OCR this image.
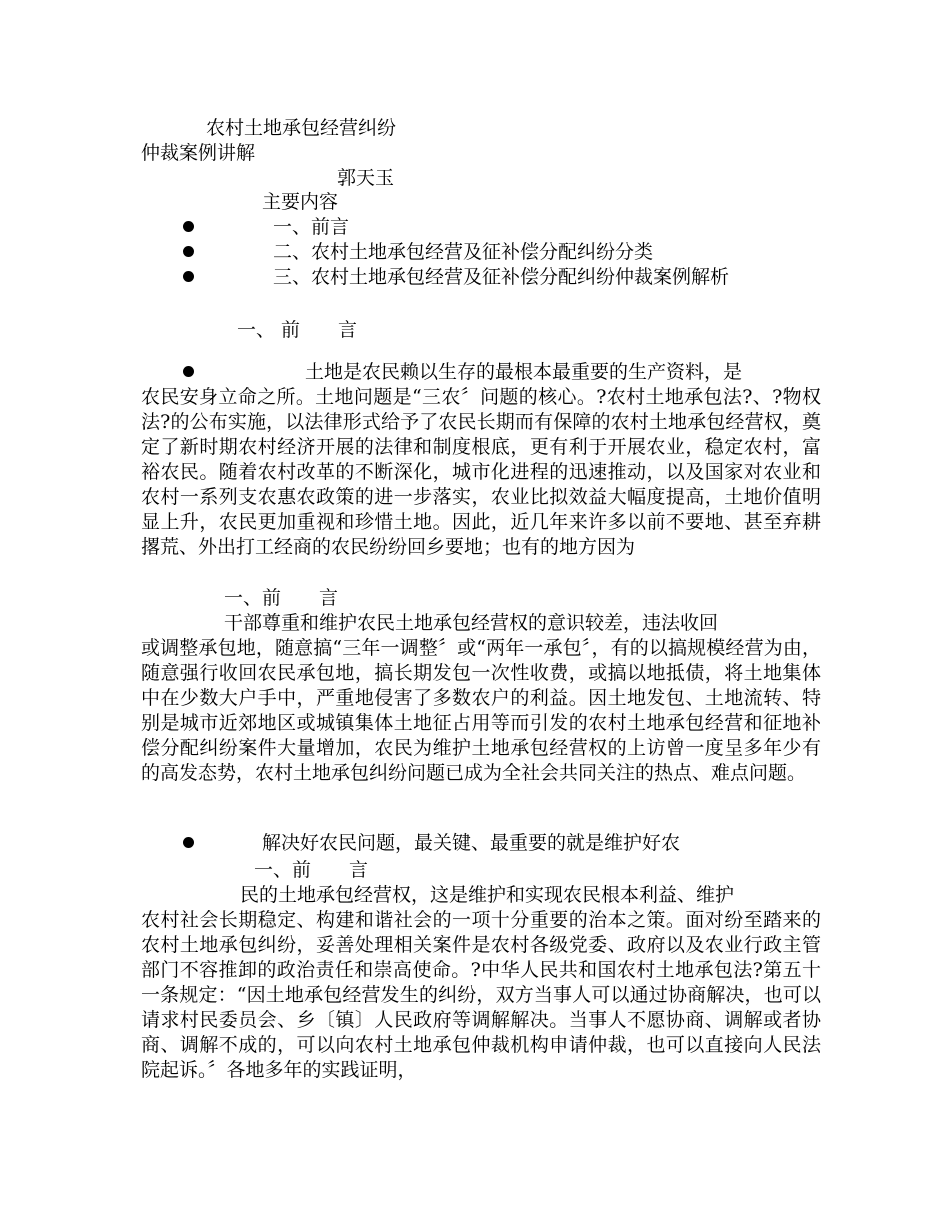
农村土地承包经营纠纷
仲裁案例讲解
郭天玉
主要内容
一、前言
二、农村土地承包经营及征补偿分配纠纷分类
三、农村土地承包经营及征补偿分配纠纷仲裁案例解析
一、 前　　言
土地是农民赖以生存的最根本最重要的生产资料，是

农民安身立命之所。土地问题是“三农〞问题的核心。?农村土地承包法?、?物权法?的公布实施，以法律形式给予了农民长期而有保障的农村土地承包经营权，奠定了新时期农村经济开展的法律和制度根底，更有利于开展农业，稳定农村，富裕农民。随着农村改革的不断深化，城市化进程的迅速推动，以及国家对农业和农村一系列支农惠农政策的进一步落实，农业比拟效益大幅度提高，土地价值明显上升，农民更加重视和珍惜土地。因此，近几年来许多以前不要地、甚至弃耕撂荒、外出打工经商的农民纷纷回乡要地；也有的地方因为

一、前　　言
干部尊重和维护农民土地承包经营权的意识较差，违法收回

或调整承包地，随意搞“三年一调整〞或“两年一承包〞，有的以搞规模经营为由，随意强行收回农民承包地，搞长期发包一次性收费，或搞以地抵债，将土地集体中在少数大户手中，严重地侵害了多数农户的利益。因土地发包、土地流转、特别是城市近郊地区或城镇集体土地征占用等而引发的农村土地承包经营和征地补偿分配纠纷案件大量增加，农民为维护土地承包经营权的上访曾一度呈多年少有的高发态势，农村土地承包纠纷问题已成为全社会共同关注的热点、难点问题。

解决好农民问题，最关键、最重要的就是维护好农
一、前　　言
民的土地承包经营权，这是维护和实现农民根本利益、维护

农村社会长期稳定、构建和谐社会的一项十分重要的治本之策。面对纷至踏来的农村土地承包纠纷，妥善处理相关案件是农村各级党委、政府以及农业行政主管部门不容推卸的政治责任和崇高使命。?中华人民共和国农村土地承包法?第五十一条规定：“因土地承包经营发生的纠纷，双方当事人可以通过协商解决，也可以请求村民委员会、乡〔镇〕人民政府等调解解决。当事人不愿协商、调解或者协商、调解不成的，可以向农村土地承包仲裁机构申请仲裁，也可以直接向人民法院起诉。〞各地多年的实践证明，
